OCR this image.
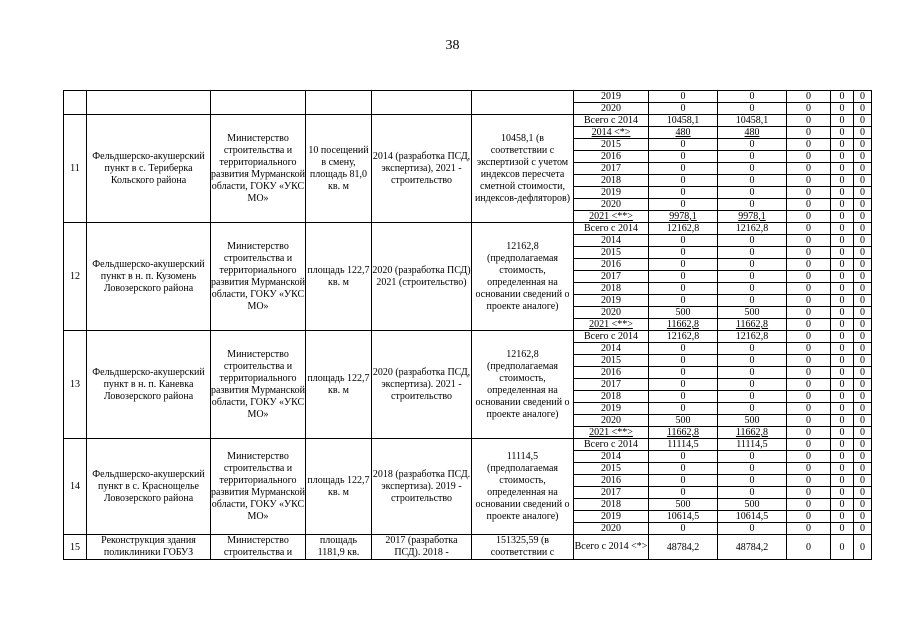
38
						2019	0	0	0	0	0
						2020	0	0	0	0	0
11	Фельдшерско-акушерский пункт в с. Териберка Кольского района	Министерство строительства и территориального развития Мурманской области, ГОКУ «УКС МО»	10 посещений в смену, площадь 81,0 кв. м	2014 (разработка ПСД, экспертиза), 2021 - строительство	10458,1 (в соответствии с экспертизой с учетом индексов пересчета сметной стоимости, индексов-дефляторов)	Всего с 2014	10458,1	10458,1	0	0	0
						2014 <*>	480	480	0	0	0
						2015	0	0	0	0	0
						2016	0	0	0	0	0
						2017	0	0	0	0	0
						2018	0	0	0	0	0
						2019	0	0	0	0	0
						2020	0	0	0	0	0
						2021 <**>	9978,1	9978,1	0	0	0
12	Фельдшерско-акушерский пункт в н. п. Кузомень Ловозерского района	Министерство строительства и территориального развития Мурманской области, ГОКУ «УКС МО»	площадь 122,7 кв. м	2020 (разработка ПСД) 2021 (строительство)	12162,8 (предполагаемая стоимость, определенная на основании сведений о проекте аналоге)	Всего с 2014	12162,8	12162,8	0	0	0
						2014	0	0	0	0	0
						2015	0	0	0	0	0
						2016	0	0	0	0	0
						2017	0	0	0	0	0
						2018	0	0	0	0	0
						2019	0	0	0	0	0
						2020	500	500	0	0	0
						2021 <**>	11662,8	11662,8	0	0	0
13	Фельдшерско-акушерский пункт в н. п. Каневка Ловозерского района	Министерство строительства и территориального развития Мурманской области, ГОКУ «УКС МО»	площадь 122,7 кв. м	2020 (разработка ПСД, экспертиза). 2021 - строительство	12162,8 (предполагаемая стоимость, определенная на основании сведений о проекте аналоге)	Всего с 2014	12162,8	12162,8	0	0	0
						2014	0	0	0	0	0
						2015	0	0	0	0	0
						2016	0	0	0	0	0
						2017	0	0	0	0	0
						2018	0	0	0	0	0
						2019	0	0	0	0	0
						2020	500	500	0	0	0
						2021 <**>	11662,8	11662,8	0	0	0
14	Фельдшерско-акушерский пункт в с. Краснощелье Ловозерского района	Министерство строительства и территориального развития Мурманской области, ГОКУ «УКС МО»	площадь 122,7 кв. м	2018 (разработка ПСД. экспертиза). 2019 - строительство	11114,5 (предполагаемая стоимость, определенная на основании сведений о проекте аналоге)	Всего с 2014	11114,5	11114,5	0	0	0
						2014	0	0	0	0	0
						2015	0	0	0	0	0
						2016	0	0	0	0	0
						2017	0	0	0	0	0
						2018	500	500	0	0	0
						2019	10614,5	10614,5	0	0	0
						2020	0	0	0	0	0
15	Реконструкция здания поликлиники ГОБУЗ	Министерство строительства и	площадь 1181,9 кв.	2017 (разработка ПСД). 2018 -	151325,59 (в соответствии с	Всего с 2014 <*>	48784,2	48784,2	0	0	0
